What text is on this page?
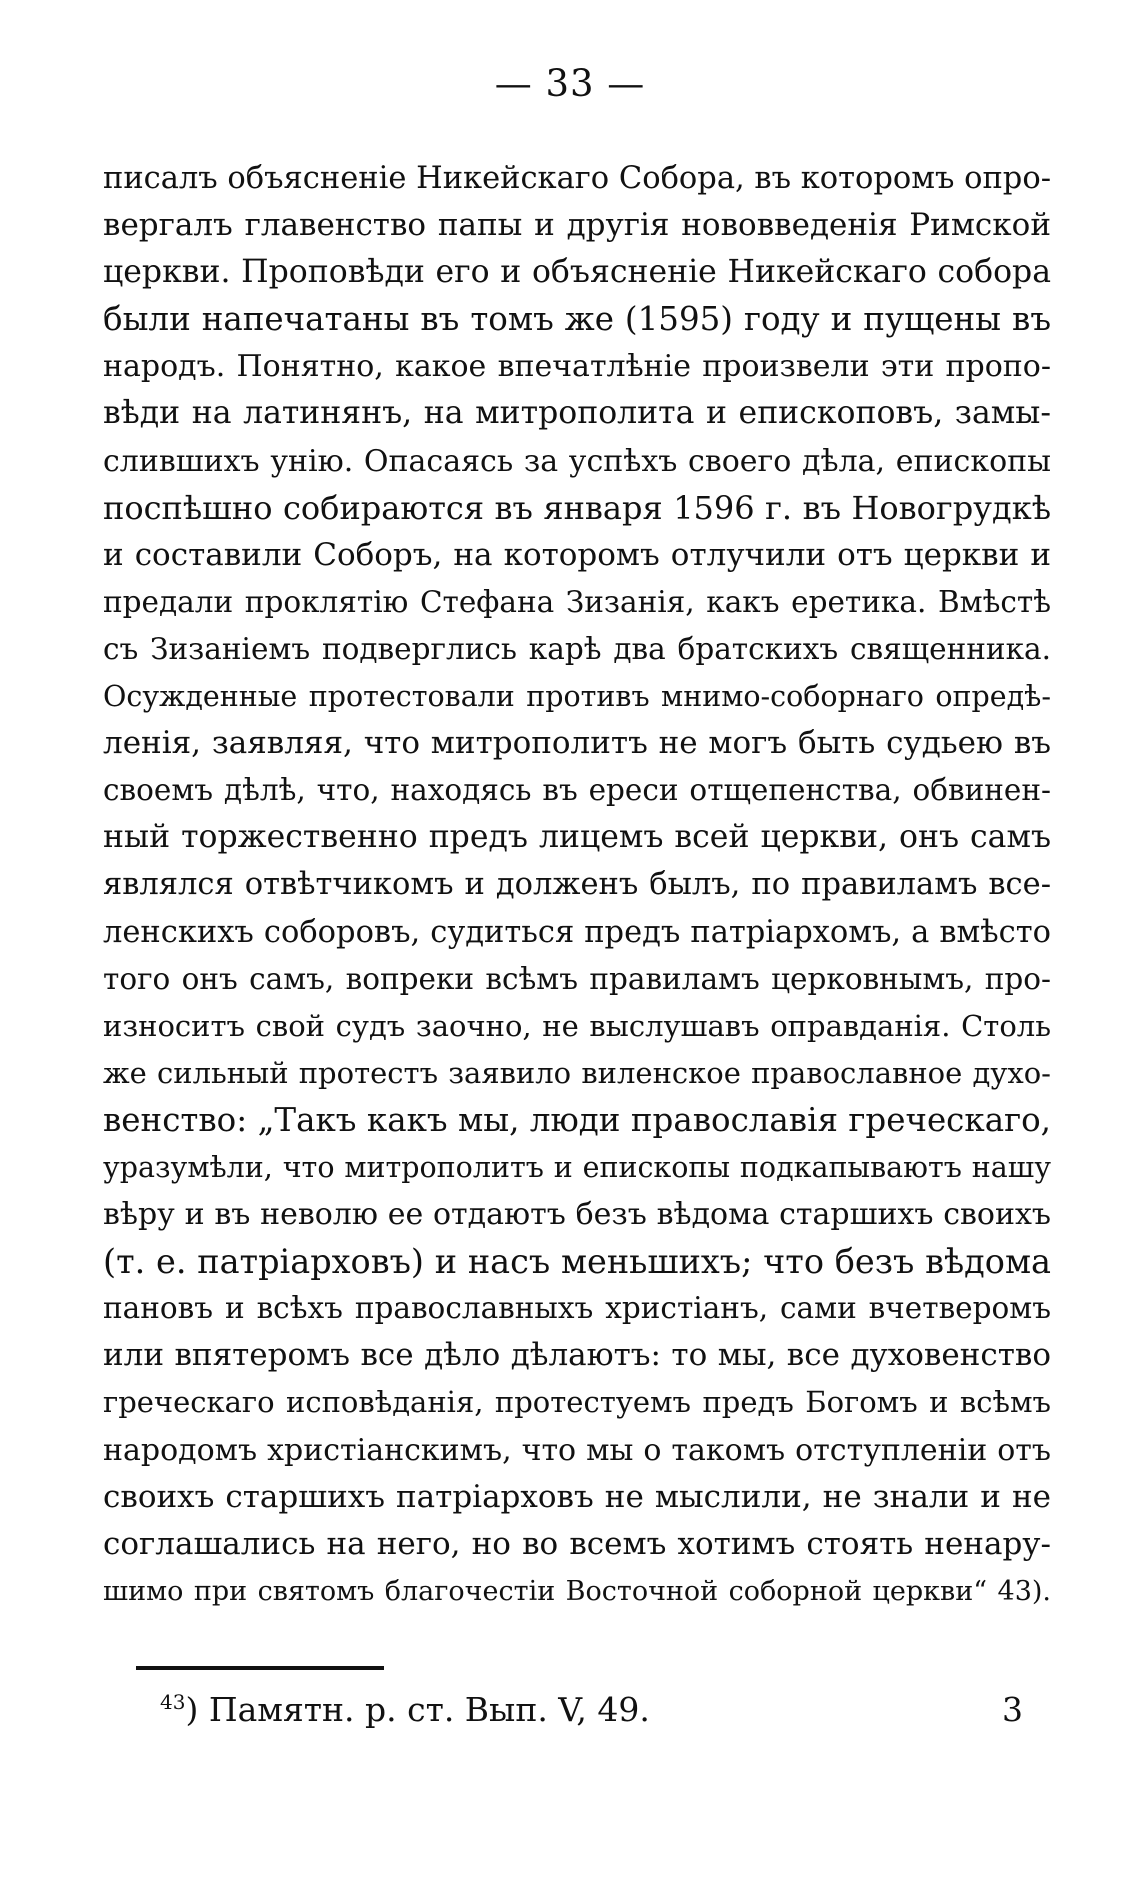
— 33 —
писалъ объясненіе Никейскаго Собора, въ которомъ опро-
вергалъ главенство папы и другія нововведенія Римской
церкви. Проповѣди его и объясненіе Никейскаго собора
были напечатаны въ томъ же (1595) году и пущены въ
народъ. Понятно, какое впечатлѣніе произвели эти пропо-
вѣди на латинянъ, на митрополита и епископовъ, замы-
слившихъ унію. Опасаясь за успѣхъ своего дѣла, епископы
поспѣшно собираются въ января 1596 г. въ Новогрудкѣ
и составили Соборъ, на которомъ отлучили отъ церкви и
предали проклятію Стефана Зизанія, какъ еретика. Вмѣстѣ
съ Зизаніемъ подверглись карѣ два братскихъ священника.
Осужденные протестовали противъ мнимо-соборнаго опредѣ-
ленія, заявляя, что митрополитъ не могъ быть судьею въ
своемъ дѣлѣ, что, находясь въ ереси отщепенства, обвинен-
ный торжественно предъ лицемъ всей церкви, онъ самъ
являлся отвѣтчикомъ и долженъ былъ, по правиламъ все-
ленскихъ соборовъ, судиться предъ патріархомъ, а вмѣсто
того онъ самъ, вопреки всѣмъ правиламъ церковнымъ, про-
износитъ свой судъ заочно, не выслушавъ оправданія. Столь
же сильный протестъ заявило виленское православное духо-
венство: „Такъ какъ мы, люди православія греческаго,
уразумѣли, что митрополитъ и епископы подкапываютъ нашу
вѣру и въ неволю ее отдаютъ безъ вѣдома старшихъ своихъ
(т. е. патріарховъ) и насъ меньшихъ; что безъ вѣдома
пановъ и всѣхъ православныхъ христіанъ, сами вчетверомъ
или впятеромъ все дѣло дѣлаютъ: то мы, все духовенство
греческаго исповѣданія, протестуемъ предъ Богомъ и всѣмъ
народомъ христіанскимъ, что мы о такомъ отступленіи отъ
своихъ старшихъ патріарховъ не мыслили, не знали и не
соглашались на него, но во всемъ хотимъ стоять ненару-
шимо при святомъ благочестіи Восточной соборной церкви“ 43).
$^{43}$) Памятн. р. ст. Вып. V, 49.	3
